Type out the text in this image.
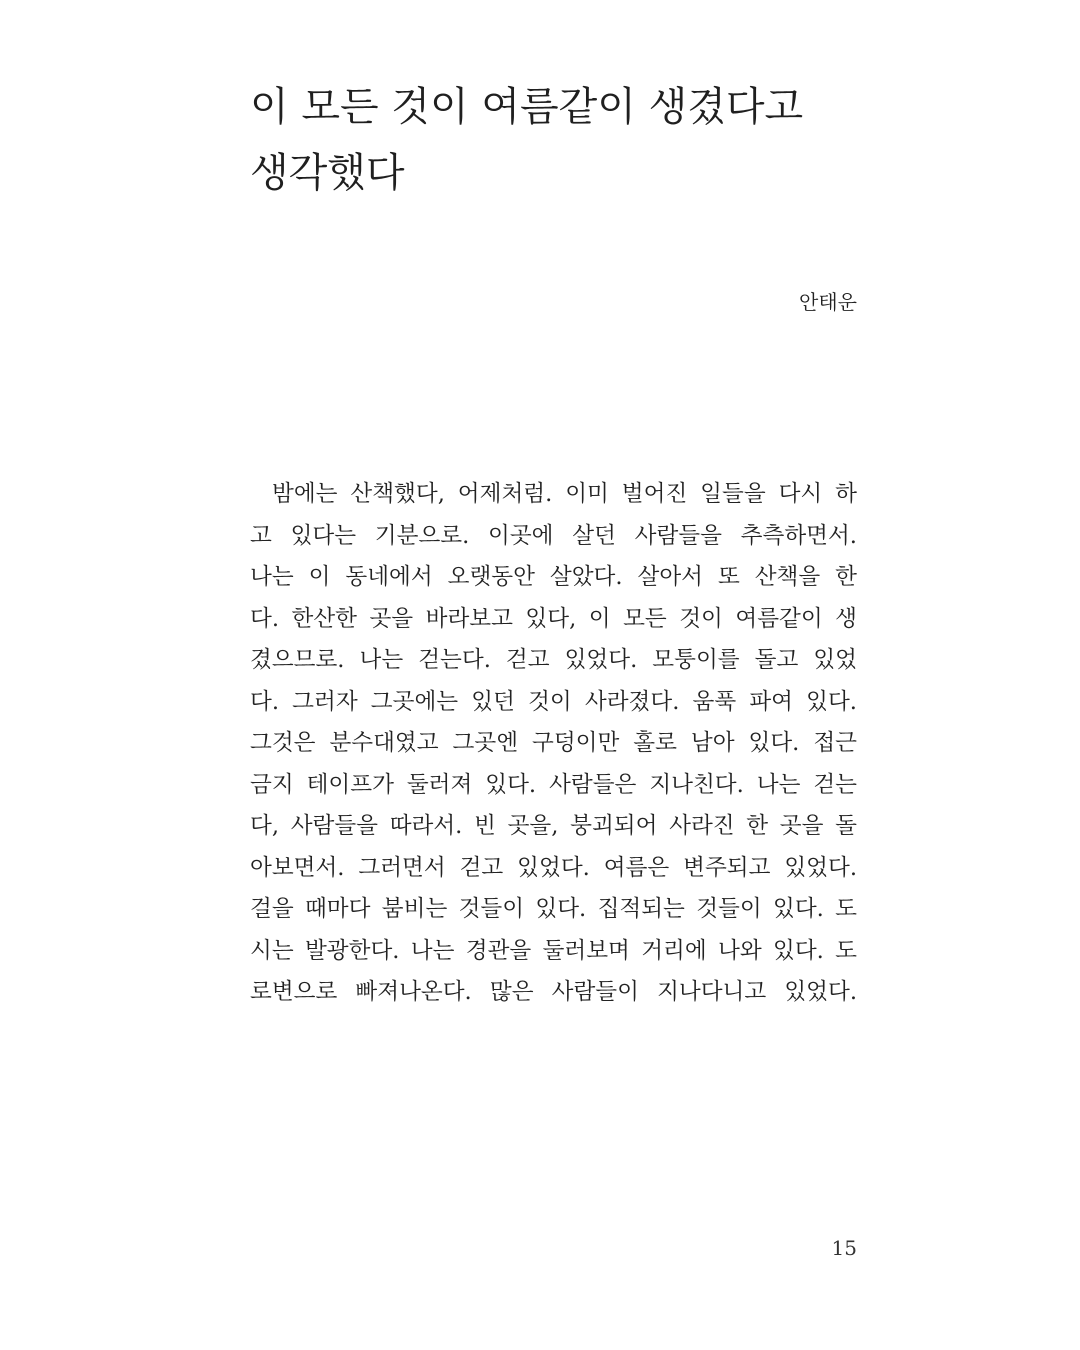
이 모든 것이 여름같이 생겼다고
생각했다
안태운
밤에는 산책했다, 어제처럼. 이미 벌어진 일들을 다시 하
고 있다는 기분으로. 이곳에 살던 사람들을 추측하면서.
나는 이 동네에서 오랫동안 살았다. 살아서 또 산책을 한
다. 한산한 곳을 바라보고 있다, 이 모든 것이 여름같이 생
겼으므로. 나는 걷는다. 걷고 있었다. 모퉁이를 돌고 있었
다. 그러자 그곳에는 있던 것이 사라졌다. 움푹 파여 있다.
그것은 분수대였고 그곳엔 구덩이만 홀로 남아 있다. 접근
금지 테이프가 둘러져 있다. 사람들은 지나친다. 나는 걷는
다, 사람들을 따라서. 빈 곳을, 붕괴되어 사라진 한 곳을 돌
아보면서. 그러면서 걷고 있었다. 여름은 변주되고 있었다.
걸을 때마다 붐비는 것들이 있다. 집적되는 것들이 있다. 도
시는 발광한다. 나는 경관을 둘러보며 거리에 나와 있다. 도
로변으로 빠져나온다. 많은 사람들이 지나다니고 있었다.
15
